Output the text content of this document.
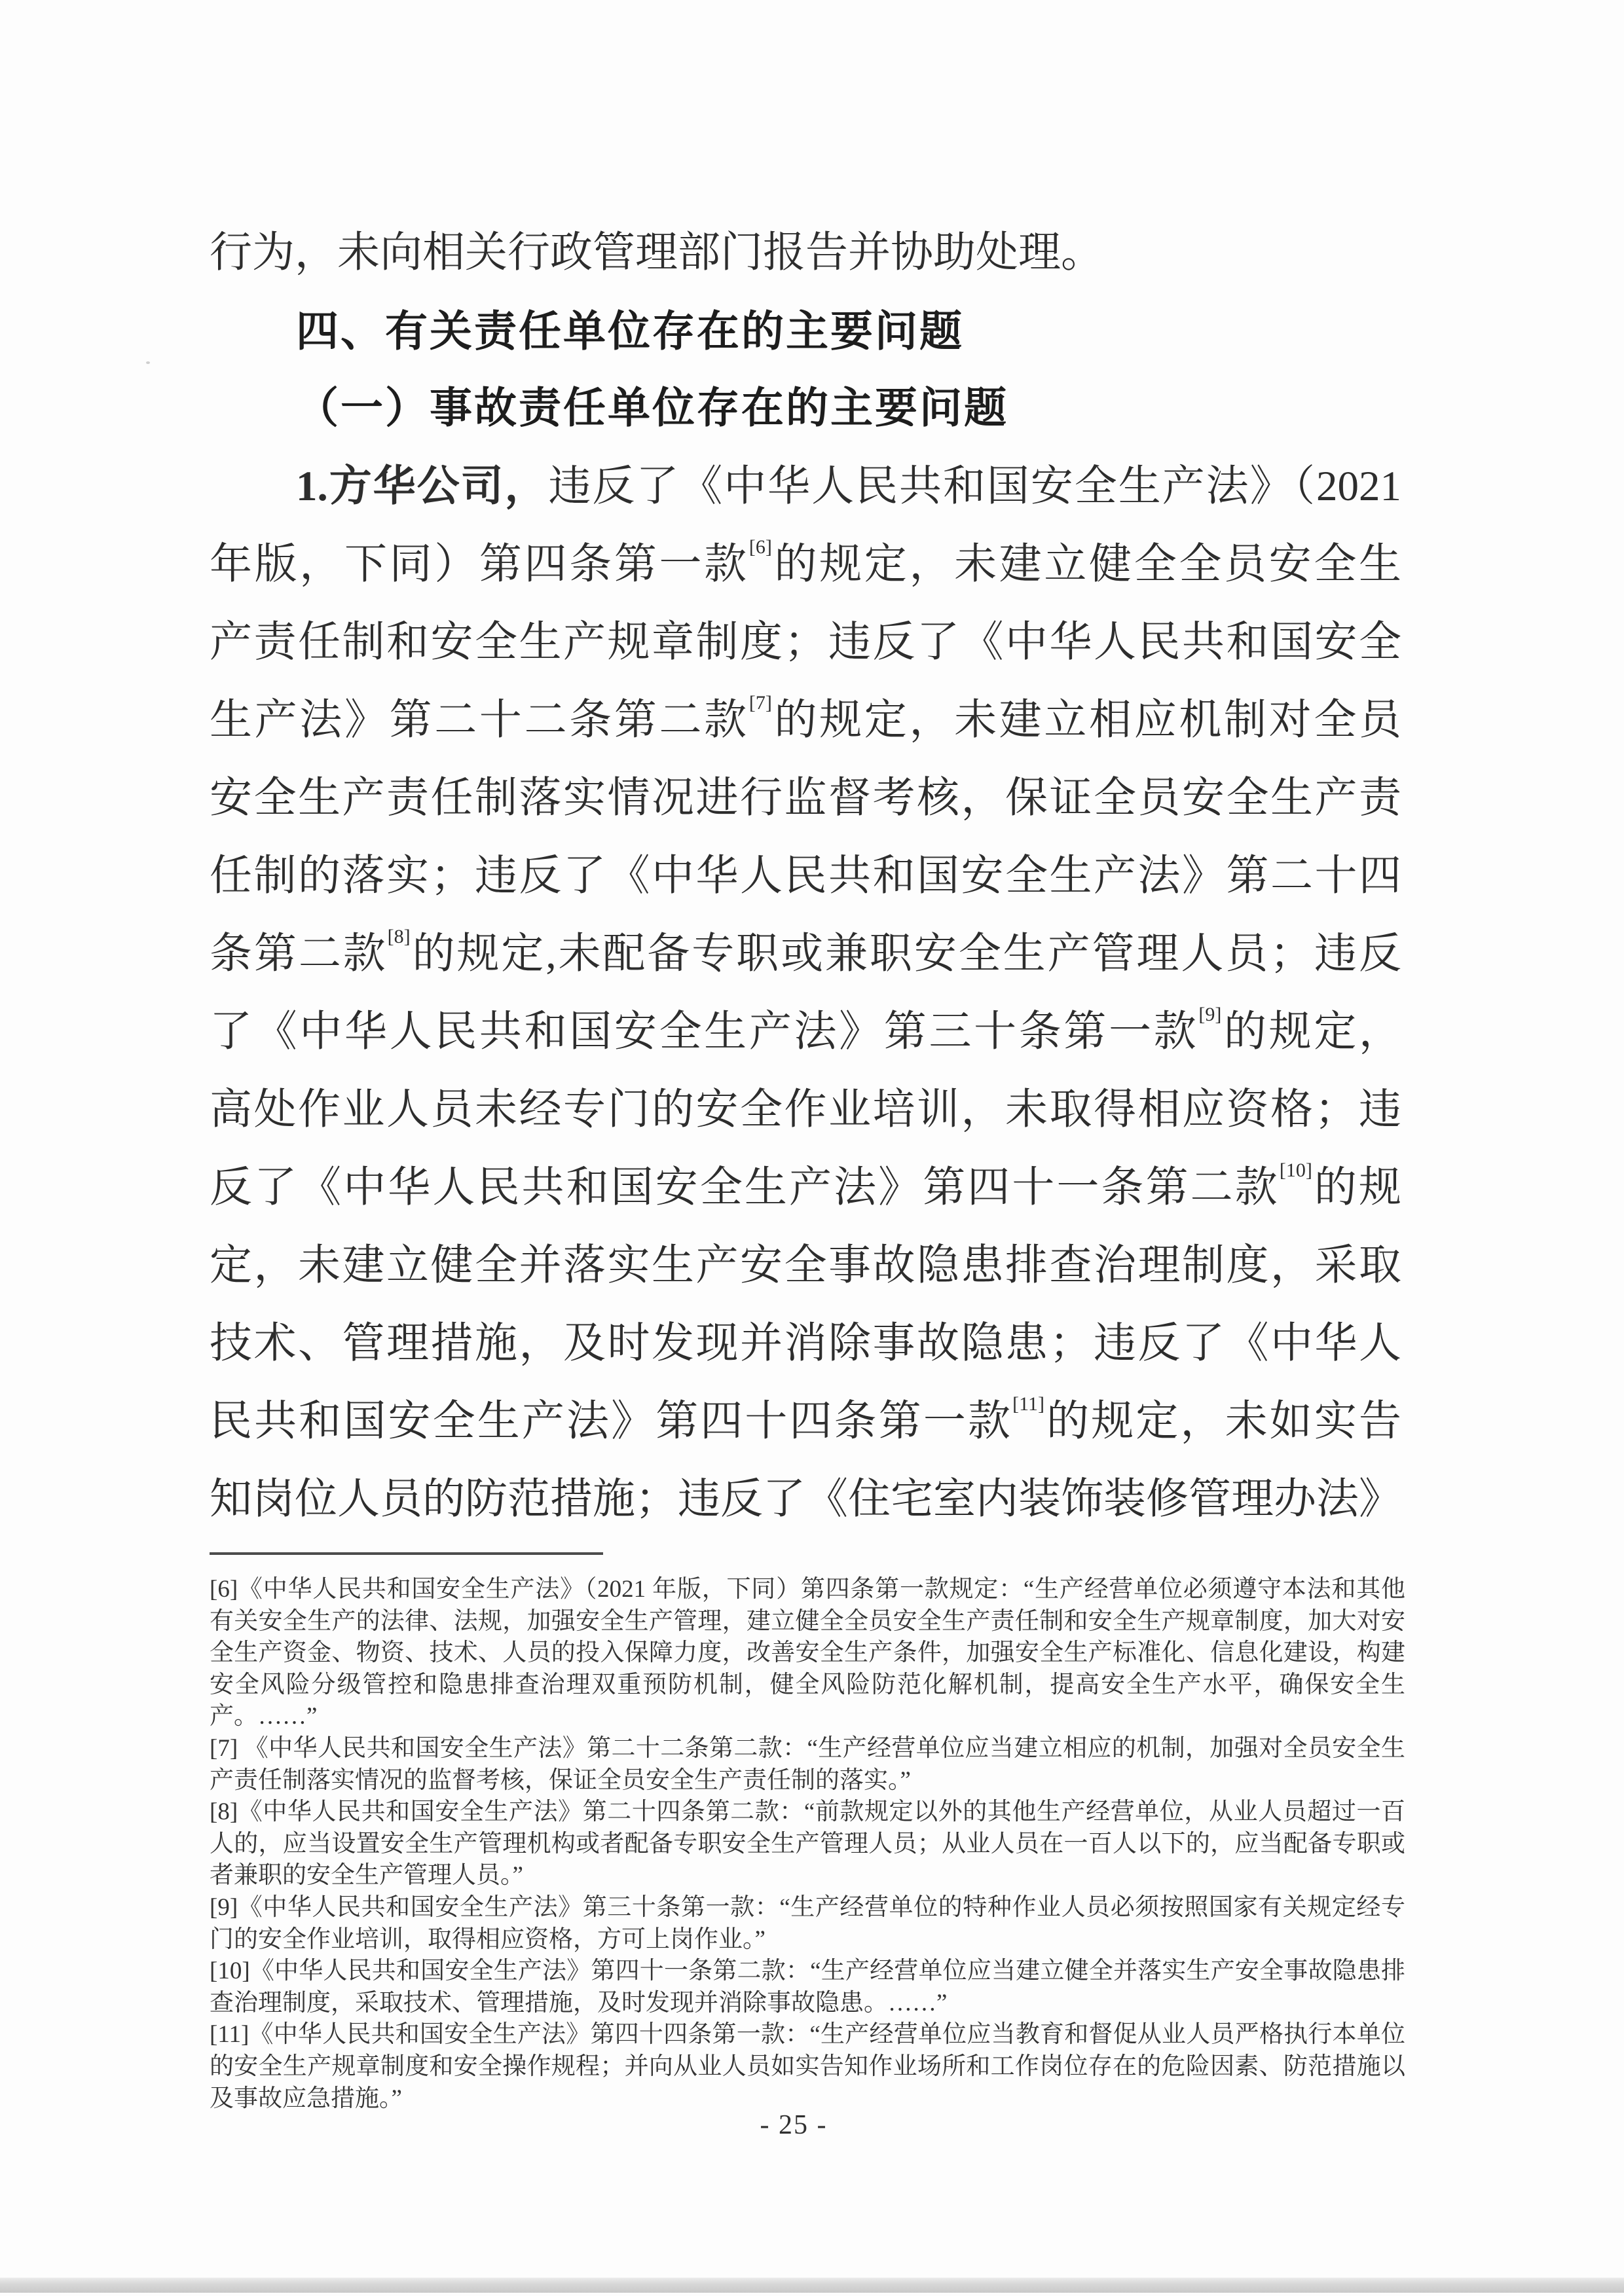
行为，未向相关行政管理部门报告并协助处理。
四、有关责任单位存在的主要问题
（一）事故责任单位存在的主要问题
1.方华公司，违反了《中华人民共和国安全生产法》（2021
年版，下同）第四条第一款[6]的规定，未建立健全全员安全生
产责任制和安全生产规章制度；违反了《中华人民共和国安全
生产法》第二十二条第二款[7]的规定，未建立相应机制对全员
安全生产责任制落实情况进行监督考核，保证全员安全生产责
任制的落实；违反了《中华人民共和国安全生产法》第二十四
条第二款[8]的规定,未配备专职或兼职安全生产管理人员；违反
了《中华人民共和国安全生产法》第三十条第一款[9]的规定，
高处作业人员未经专门的安全作业培训，未取得相应资格；违
反了《中华人民共和国安全生产法》第四十一条第二款[10]的规
定，未建立健全并落实生产安全事故隐患排查治理制度，采取
技术、管理措施，及时发现并消除事故隐患；违反了《中华人
民共和国安全生产法》第四十四条第一款[11]的规定，未如实告
知岗位人员的防范措施；违反了《住宅室内装饰装修管理办法》
[6]《中华人民共和国安全生产法》（2021 年版，下同）第四条第一款规定：“生产经营单位必须遵守本法和其他有关安全生产的法律、法规，加强安全生产管理，建立健全全员安全生产责任制和安全生产规章制度，加大对安全生产资金、物资、技术、人员的投入保障力度，改善安全生产条件，加强安全生产标准化、信息化建设，构建安全风险分级管控和隐患排查治理双重预防机制，健全风险防范化解机制，提高安全生产水平，确保安全生产。……”
[7] 《中华人民共和国安全生产法》第二十二条第二款：“生产经营单位应当建立相应的机制，加强对全员安全生产责任制落实情况的监督考核，保证全员安全生产责任制的落实。”
[8]《中华人民共和国安全生产法》第二十四条第二款：“前款规定以外的其他生产经营单位，从业人员超过一百人的，应当设置安全生产管理机构或者配备专职安全生产管理人员；从业人员在一百人以下的，应当配备专职或者兼职的安全生产管理人员。”
[9]《中华人民共和国安全生产法》第三十条第一款：“生产经营单位的特种作业人员必须按照国家有关规定经专门的安全作业培训，取得相应资格，方可上岗作业。”
[10]《中华人民共和国安全生产法》第四十一条第二款：“生产经营单位应当建立健全并落实生产安全事故隐患排查治理制度，采取技术、管理措施，及时发现并消除事故隐患。……”
[11]《中华人民共和国安全生产法》第四十四条第一款：“生产经营单位应当教育和督促从业人员严格执行本单位的安全生产规章制度和安全操作规程；并向从业人员如实告知作业场所和工作岗位存在的危险因素、防范措施以及事故应急措施。”
- 25 -
